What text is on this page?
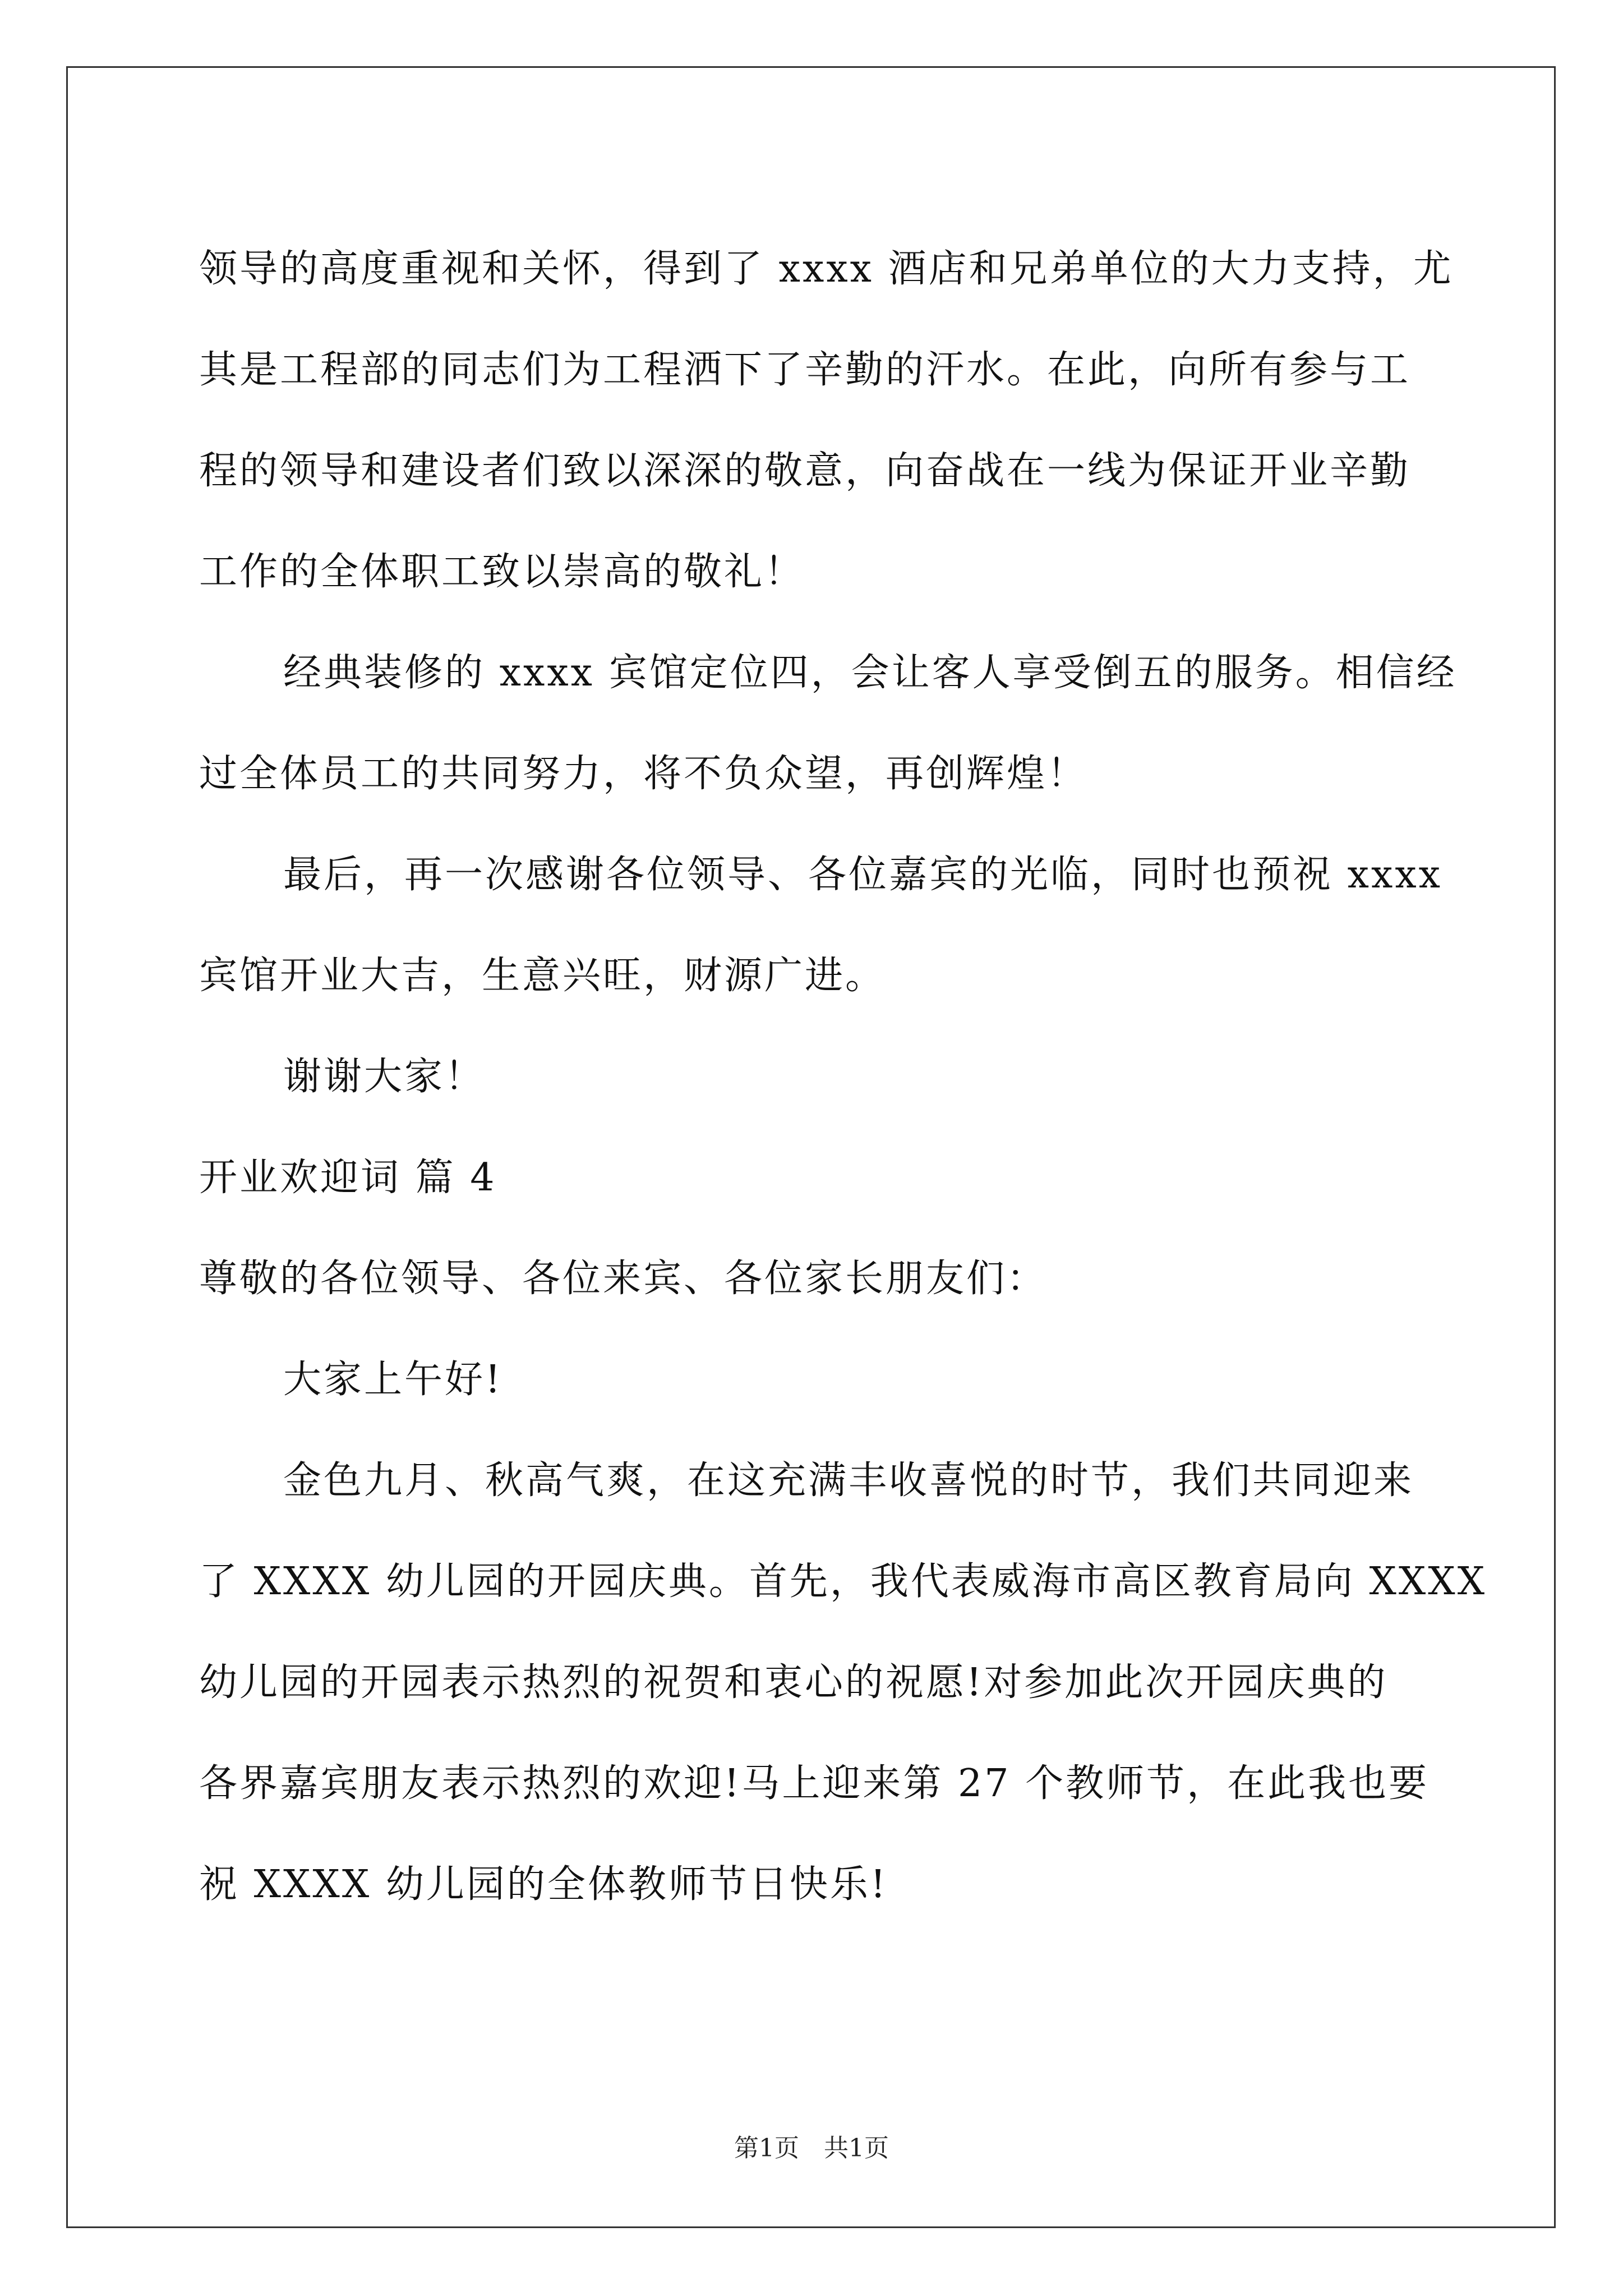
领导的高度重视和关怀，得到了 xxxx 酒店和兄弟单位的大力支持，尤
其是工程部的同志们为工程洒下了辛勤的汗水。在此，向所有参与工
程的领导和建设者们致以深深的敬意，向奋战在一线为保证开业辛勤
工作的全体职工致以崇高的敬礼！
经典装修的 xxxx 宾馆定位四，会让客人享受倒五的服务。相信经
过全体员工的共同努力，将不负众望，再创辉煌！
最后，再一次感谢各位领导、各位嘉宾的光临，同时也预祝 xxxx
宾馆开业大吉，生意兴旺，财源广进。
谢谢大家！
开业欢迎词 篇 4
尊敬的各位领导、各位来宾、各位家长朋友们：
大家上午好!
金色九月、秋高气爽，在这充满丰收喜悦的时节，我们共同迎来
了 XXXX 幼儿园的开园庆典。首先，我代表威海市高区教育局向 XXXX
幼儿园的开园表示热烈的祝贺和衷心的祝愿!对参加此次开园庆典的
各界嘉宾朋友表示热烈的欢迎!马上迎来第 27 个教师节，在此我也要
祝 XXXX 幼儿园的全体教师节日快乐!
第1页　共1页
